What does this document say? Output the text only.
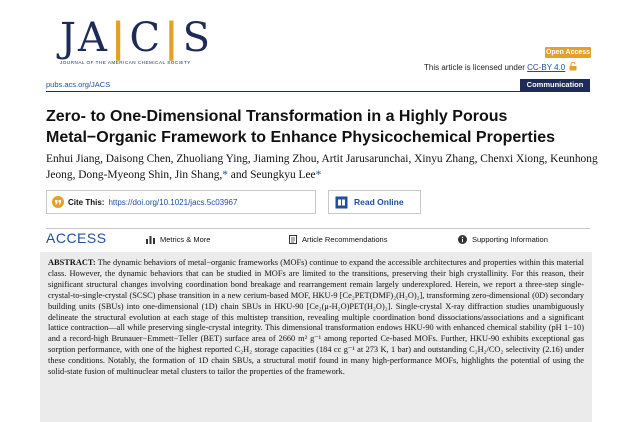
JA|C|S
JOURNAL OF THE AMERICAN CHEMICAL SOCIETY
Open Access
This article is licensed under CC-BY 4.0
pubs.acs.org/JACS	Communication
Zero- to One-Dimensional Transformation in a Highly Porous Metal−Organic Framework to Enhance Physicochemical Properties
Enhui Jiang, Daisong Chen, Zhuoliang Ying, Jiaming Zhou, Artit Jarusarunchai, Xinyu Zhang, Chenxi Xiong, Keunhong Jeong, Dong-Myeong Shin, Jin Shang,* and Seungkyu Lee*
Cite This: https://doi.org/10.1021/jacs.5c03967	Read Online
ACCESS	Metrics & More	Article Recommendations	Supporting Information
ABSTRACT: The dynamic behaviors of metal−organic frameworks (MOFs) continue to expand the accessible architectures and properties within this material class. However, the dynamic behaviors that can be studied in MOFs are limited to the transitions, preserving their high crystallinity. For this reason, their significant structural changes involving coordination bond breakage and rearrangement remain largely underexplored. Herein, we report a three-step single-crystal-to-single-crystal (SCSC) phase transition in a new cerium-based MOF, HKU-9 [Ce₂PET(DMF)₂(H₂O)₂], transforming zero-dimensional (0D) secondary building units (SBUs) into one-dimensional (1D) chain SBUs in HKU-90 [Ce₂(μ-H₂O)PET(H₂O)₂]. Single-crystal X-ray diffraction studies unambiguously delineate the structural evolution at each stage of this multistep transition, revealing multiple coordination bond dissociations/associations and a significant lattice contraction—all while preserving single-crystal integrity. This dimensional transformation endows HKU-90 with enhanced chemical stability (pH 1−10) and a record-high Brunauer−Emmett−Teller (BET) surface area of 2660 m² g⁻¹ among reported Ce-based MOFs. Further, HKU-90 exhibits exceptional gas sorption performance, with one of the highest reported C₂H₂ storage capacities (184 cc g⁻¹ at 273 K, 1 bar) and outstanding C₂H₂/CO₂ selectivity (2.16) under these conditions. Notably, the formation of 1D chain SBUs, a structural motif found in many high-performance MOFs, highlights the potential of using the solid-state fusion of multinuclear metal clusters to tailor the properties of the framework.
